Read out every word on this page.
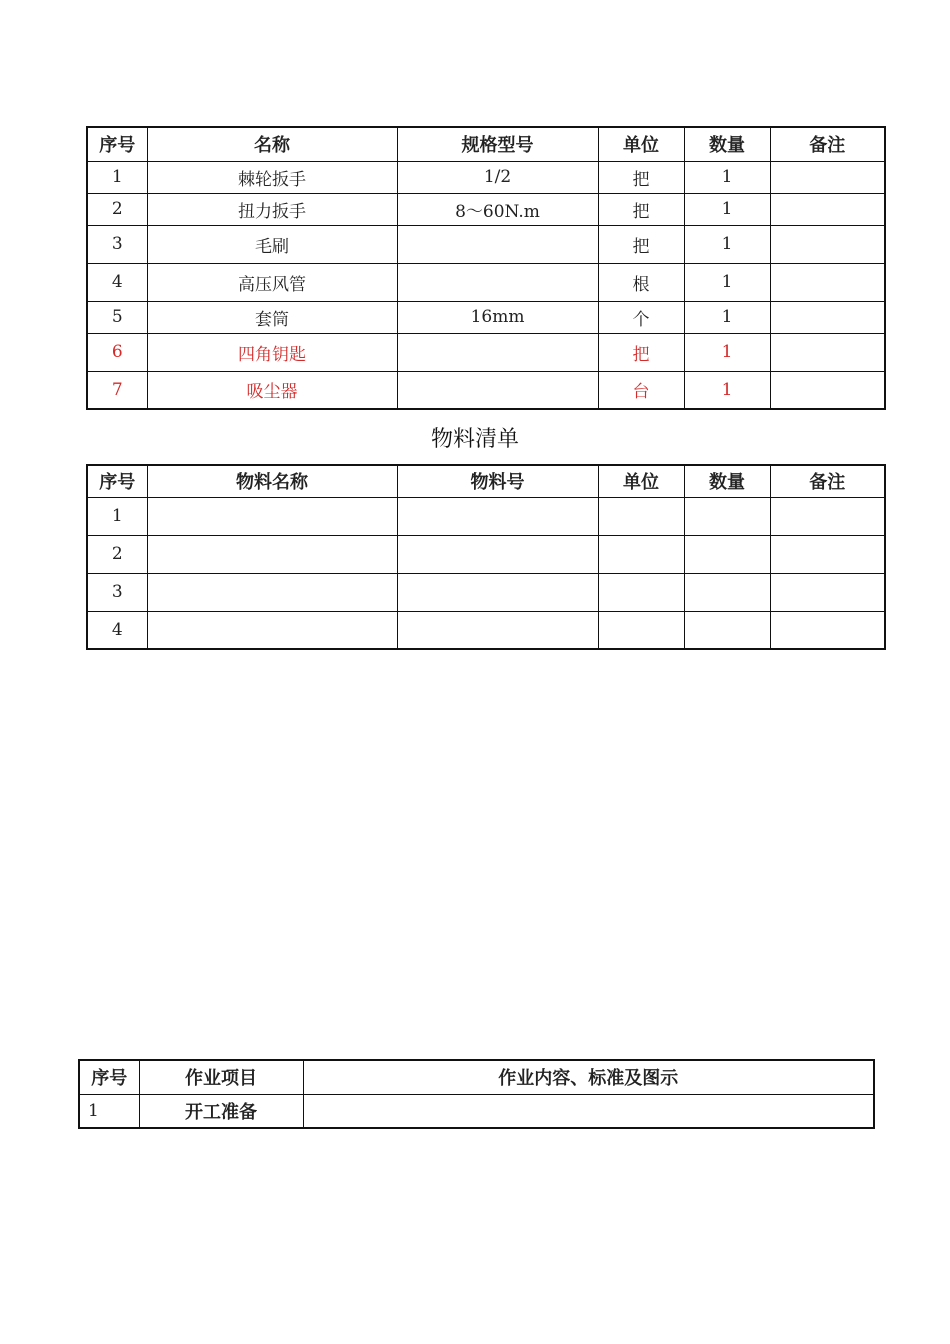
序号	名称	规格型号	单位	数量	备注
1	棘轮扳手	1/2	把	1	
2	扭力扳手	8～60N.m	把	1	
3	毛刷		把	1	
4	高压风管		根	1	
5	套筒	16mm	个	1	
6	四角钥匙		把	1	
7	吸尘器		台	1	
物料清单
序号	物料名称	物料号	单位	数量	备注
1					
2					
3					
4					
序号	作业项目	作业内容、标准及图示
1	开工准备	
